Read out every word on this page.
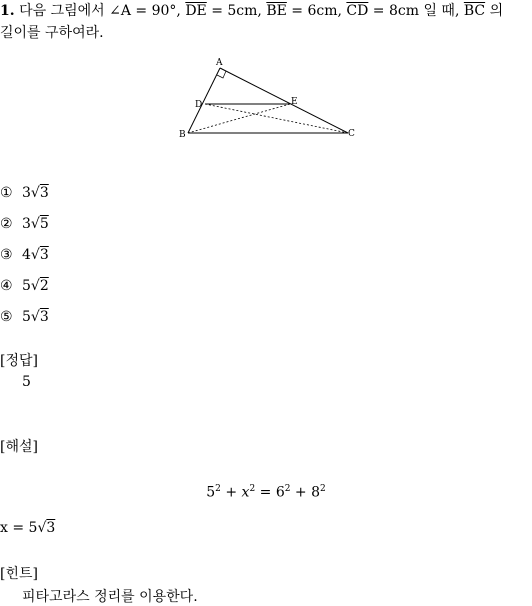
1. 다음 그림에서 ∠A = 90°, $\overline{DE} = 5cm$, $\overline{BE} = 6cm$, $\overline{CD} = 8cm$ 일 때, $\overline{BC}$ 의
길이를 구하여라.
A
D	E
B	C
① 3√3
② 3√5
③ 4√3
④ 5√2
⑤ 5√3
[정답]
5
[해설]
$5^2 + x^2 = 6^2 + 8^2$
x = 5√3
[힌트]
피타고라스 정리를 이용한다.
